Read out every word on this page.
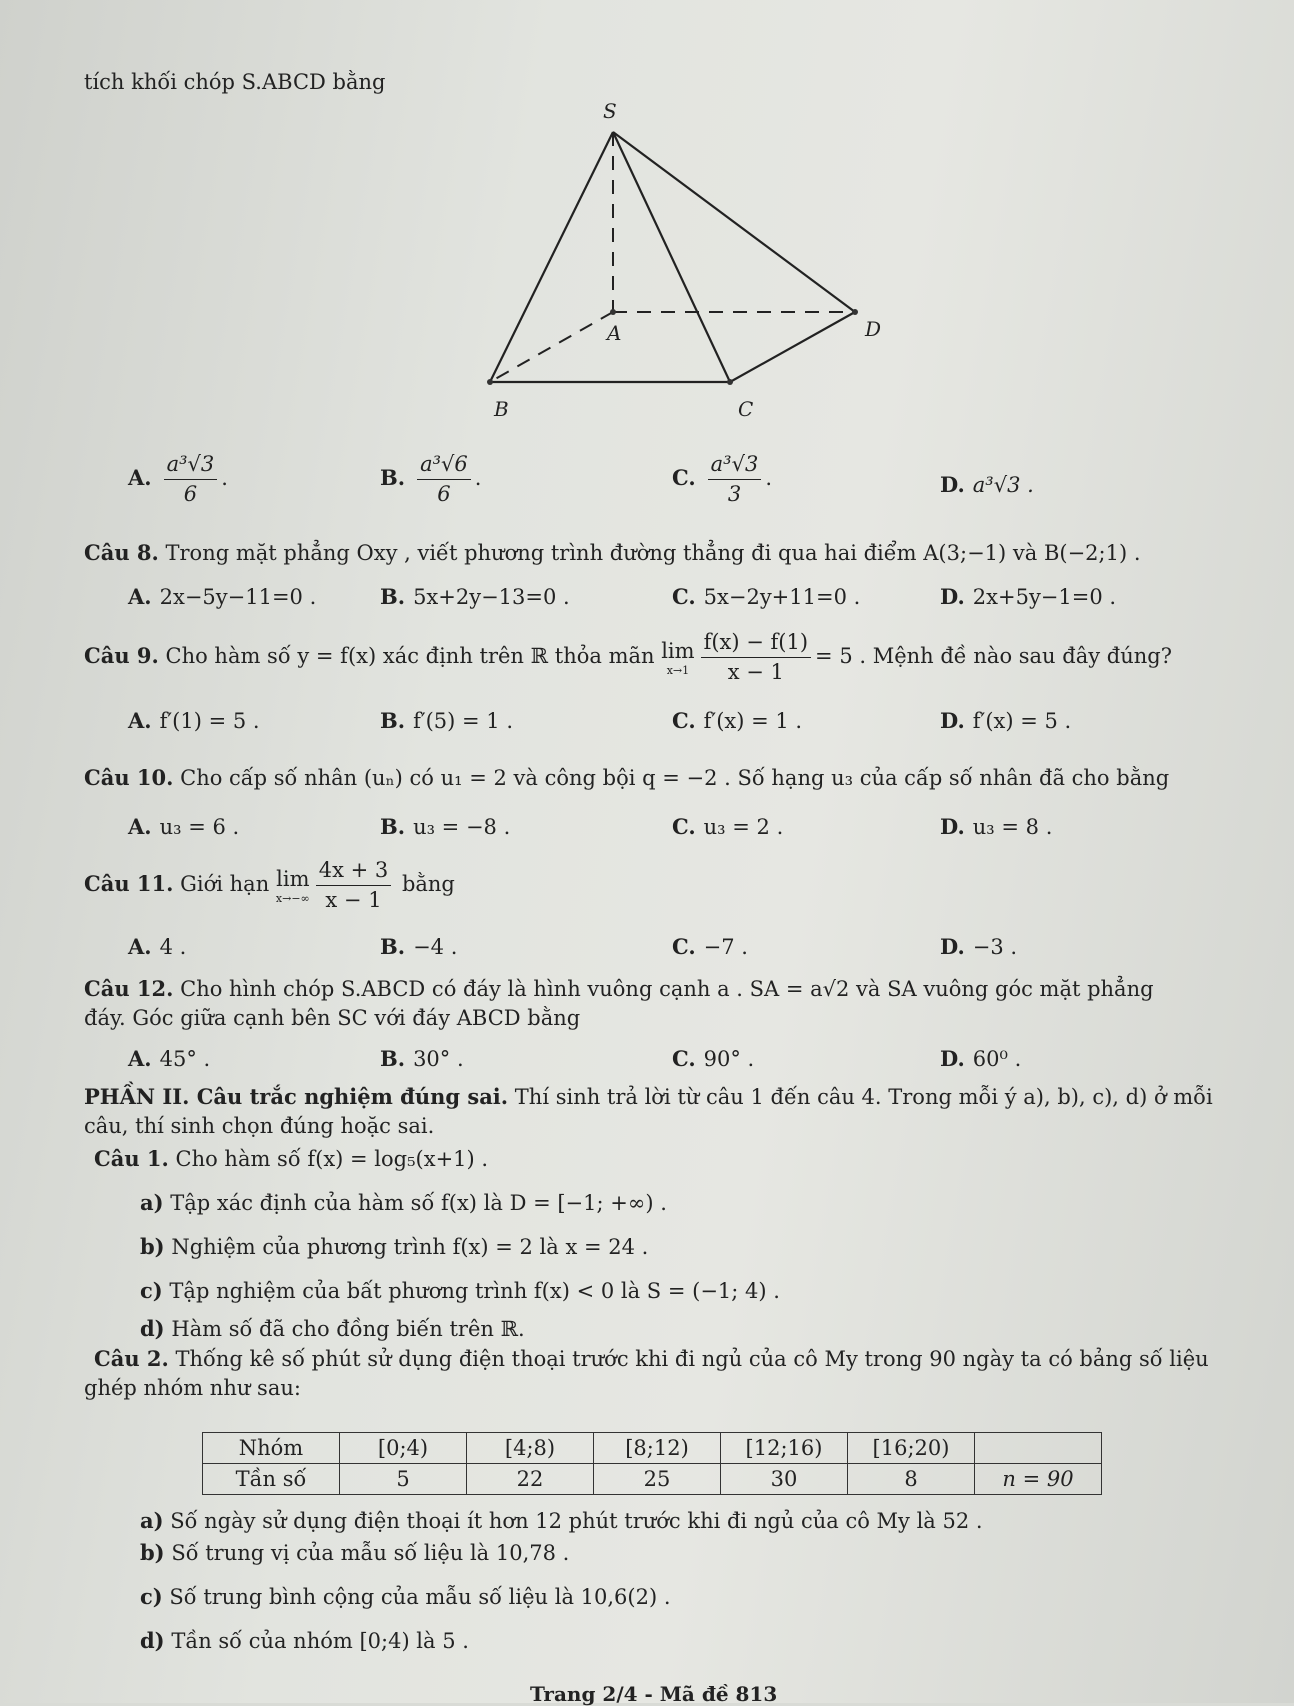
tích khối chóp S.ABCD bằng
S
A	D
B	C
A. $\frac{\text{a³√3}}{6}$ .	B. $\frac{\text{a³√6}}{6}$ .	C. $\frac{\text{a³√3}}{3}$ .	D. a³√3 .
Câu 8. Trong mặt phẳng Oxy , viết phương trình đường thẳng đi qua hai điểm A(3;−1) và B(−2;1) .
A. 2x−5y−11=0 .	B. 5x+2y−13=0 .	C. 5x−2y+11=0 .	D. 2x+5y−1=0 .
Câu 9. Cho hàm số y = f(x) xác định trên ℝ thỏa mãn lim
$x\to 1 \frac{f(x) - f(1)}{x - 1} = 5$ . Mệnh đề nào sau đây đúng?
A. f′(1) = 5 .	B. f′(5) = 1 .	C. f′(x) = 1 .	D. f′(x) = 5 .
Câu 10. Cho cấp số nhân (uₙ) có u₁ = 2 và công bội q = −2 . Số hạng u₃ của cấp số nhân đã cho bằng
A. u₃ = 6 .	B. u₃ = −8 .	C. u₃ = 2 .	D. u₃ = 8 .
Câu 11. Giới hạn lim
$x\to-\infty \frac{4x + 3}{x - 1}$ bằng
A. 4 .	B. −4 .	C. −7 .	D. −3 .
Câu 12. Cho hình chóp S.ABCD có đáy là hình vuông cạnh a . SA = a√2 và SA vuông góc mặt phẳng
đáy. Góc giữa cạnh bên SC với đáy ABCD bằng
A. 45° .	B. 30° .	C. 90° .	D. 60⁰ .
PHẦN II. Câu trắc nghiệm đúng sai. Thí sinh trả lời từ câu 1 đến câu 4. Trong mỗi ý a), b), c), d) ở mỗi
câu, thí sinh chọn đúng hoặc sai.
Câu 1. Cho hàm số f(x) = log₅(x+1) .
a) Tập xác định của hàm số f(x) là D = [−1; +∞) .
b) Nghiệm của phương trình f(x) = 2 là x = 24 .
c) Tập nghiệm của bất phương trình f(x) < 0 là S = (−1; 4) .
d) Hàm số đã cho đồng biến trên ℝ.
Câu 2. Thống kê số phút sử dụng điện thoại trước khi đi ngủ của cô My trong 90 ngày ta có bảng số liệu
ghép nhóm như sau:
Nhóm	[0;4)	[4;8)	[8;12)	[12;16)	[16;20)	
Tần số	5	22	25	30	8	n = 90
a) Số ngày sử dụng điện thoại ít hơn 12 phút trước khi đi ngủ của cô My là 52 .
b) Số trung vị của mẫu số liệu là 10,78 .
c) Số trung bình cộng của mẫu số liệu là 10,6(2) .
d) Tần số của nhóm [0;4) là 5 .
Trang 2/4 - Mã đề 813
